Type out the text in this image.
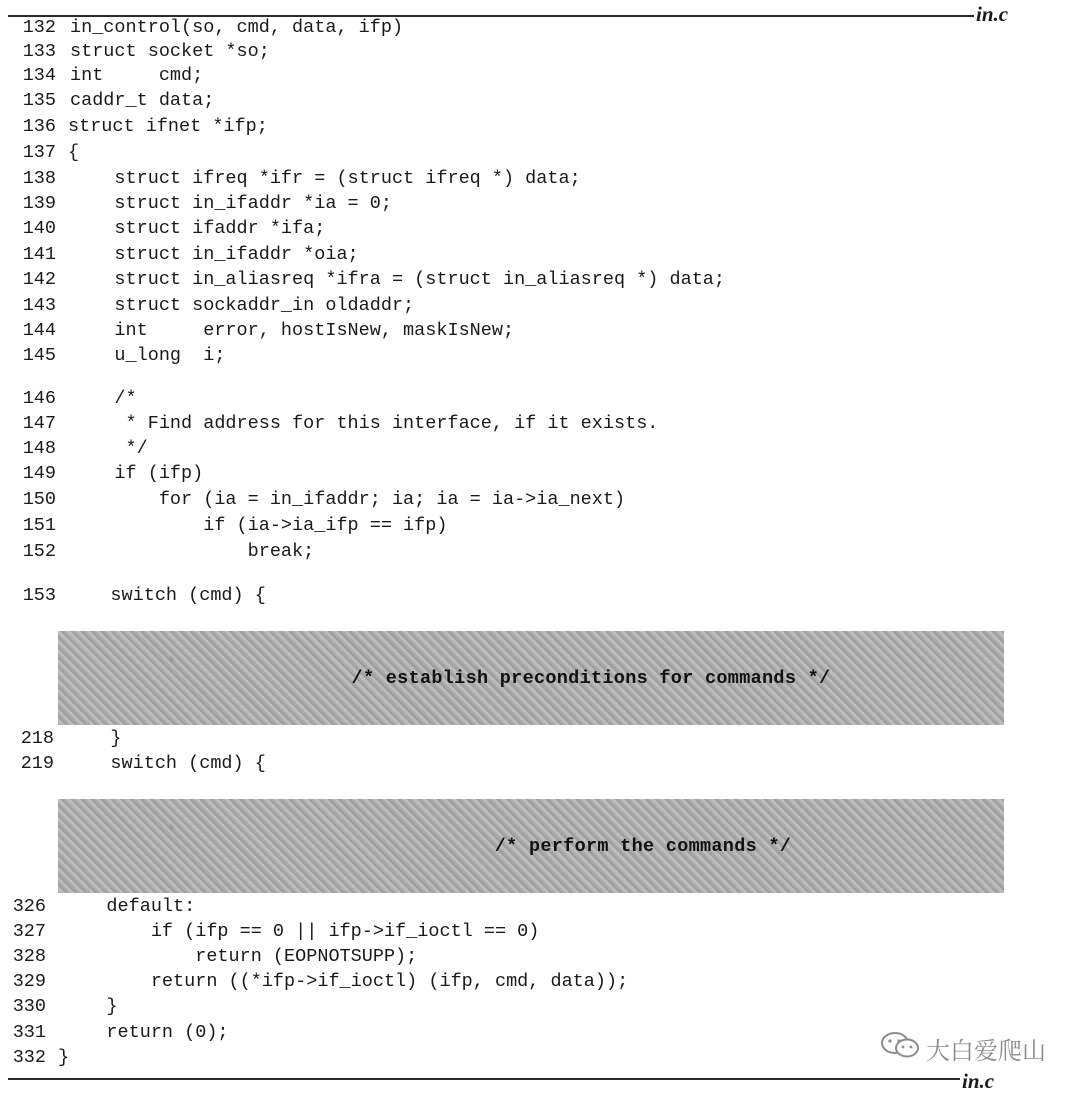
in.c
132 in_control(so, cmd, data, ifp)
133 struct socket *so;
134 int     cmd;
135 caddr_t data;
136 struct ifnet *ifp;
137 {
138 struct ifreq *ifr = (struct ifreq *) data;
139 struct in_ifaddr *ia = 0;
140 struct ifaddr *ifa;
141 struct in_ifaddr *oia;
142 struct in_aliasreq *ifra = (struct in_aliasreq *) data;
143 struct sockaddr_in oldaddr;
144 int     error, hostIsNew, maskIsNew;
145 u_long  i;
146 /*
147 * Find address for this interface, if it exists.
148 */
149 if (ifp)
150 for (ia = in_ifaddr; ia; ia = ia->ia_next)
151 if (ia->ia_ifp == ifp)
152 break;
153 switch (cmd) {
/* establish preconditions for commands */
218 }
219 switch (cmd) {
/* perform the commands */
326 default:
327 if (ifp == 0 || ifp->if_ioctl == 0)
328 return (EOPNOTSUPP);
329 return ((*ifp->if_ioctl) (ifp, cmd, data));
330 }
331 return (0);
332 }	大白爱爬山
in.c
